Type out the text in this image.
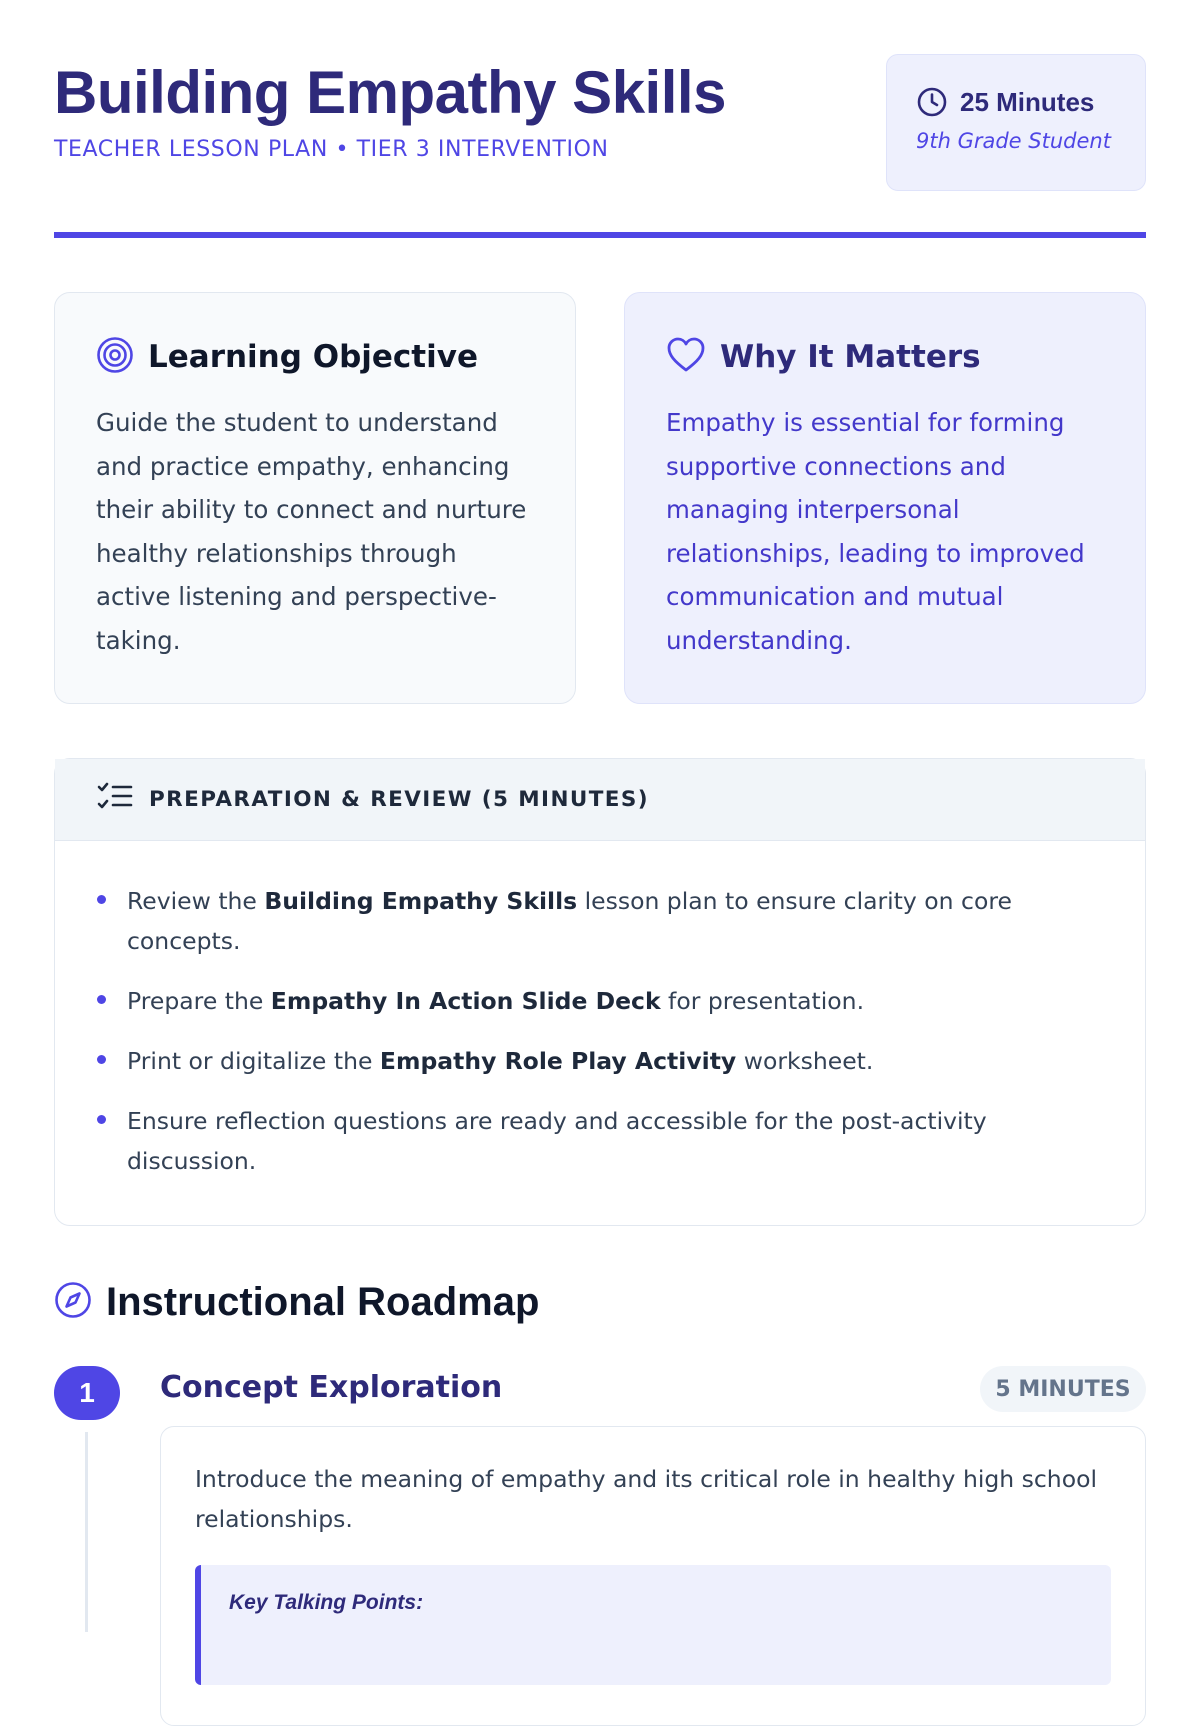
Building Empathy Skills
TEACHER LESSON PLAN • TIER 3 INTERVENTION
25 Minutes
9th Grade Student
Learning Objective

Guide the student to understand and practice empathy, enhancing their ability to connect and nurture healthy relationships through active listening and perspective-taking.

Why It Matters

Empathy is essential for forming supportive connections and managing interpersonal relationships, leading to improved communication and mutual understanding.

PREPARATION & REVIEW (5 MINUTES)
Review the Building Empathy Skills lesson plan to ensure clarity on core concepts.
Prepare the Empathy In Action Slide Deck for presentation.
Print or digitalize the Empathy Role Play Activity worksheet.
Ensure reflection questions are ready and accessible for the post-activity discussion.
Instructional Roadmap
1	Concept Exploration	5 MINUTES

Introduce the meaning of empathy and its critical role in healthy high school relationships.

Key Talking Points:
